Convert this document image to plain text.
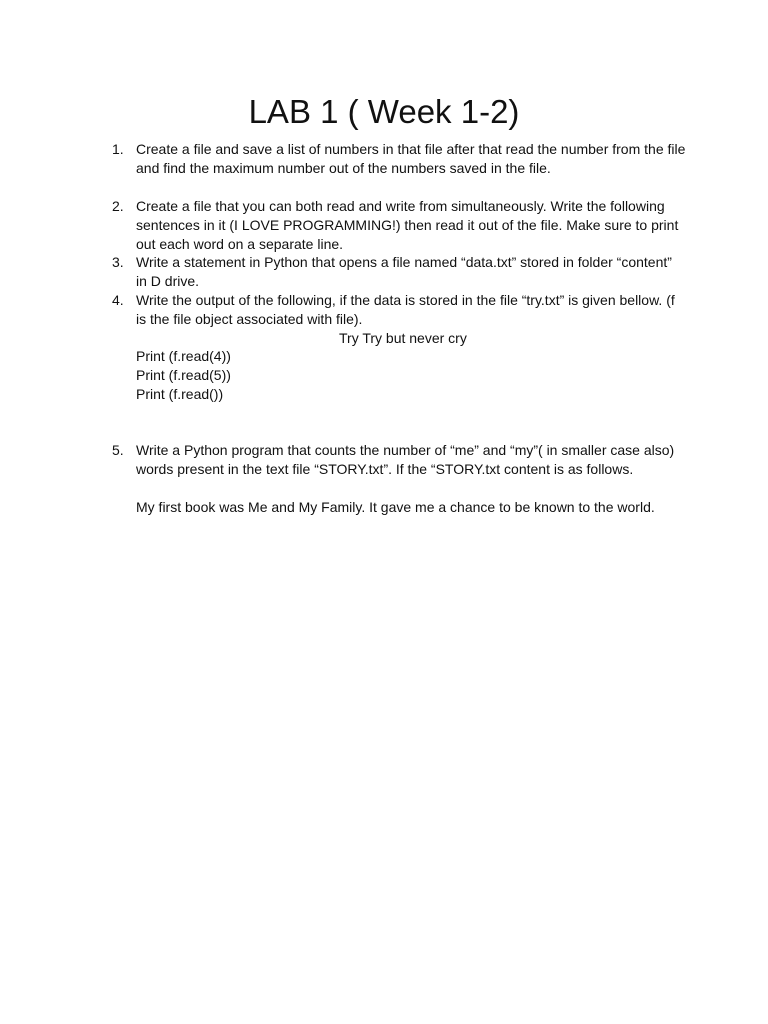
LAB 1 ( Week 1-2)
1. Create a file and save a list of numbers in that file after that read the number from the file
and find the maximum number out of the numbers saved in the file.
2. Create a file that you can both read and write from simultaneously. Write the following
sentences in it (I LOVE PROGRAMMING!) then read it out of the file. Make sure to print
out each word on a separate line.
3. Write a statement in Python that opens a file named “data.txt” stored in folder “content”
in D drive.
4. Write the output of the following, if the data is stored in the file “try.txt” is given bellow. (f
is the file object associated with file).
Try Try but never cry
Print (f.read(4))
Print (f.read(5))
Print (f.read())
5. Write a Python program that counts the number of “me” and “my”( in smaller case also)
words present in the text file “STORY.txt”. If the “STORY.txt content is as follows.
My first book was Me and My Family. It gave me a chance to be known to the world.
